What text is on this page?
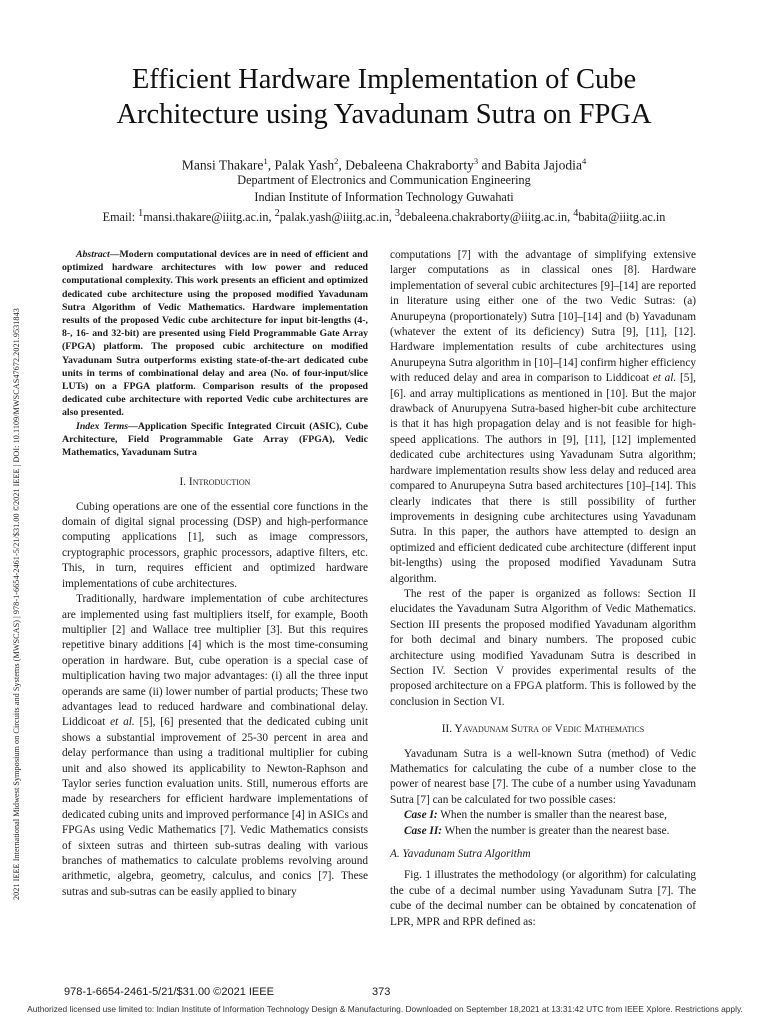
2021 IEEE International Midwest Symposium on Circuits and Systems (MWSCAS) | 978-1-6654-2461-5/21/$31.00 ©2021 IEEE | DOI: 10.1109/MWSCAS47672.2021.9531843
Efficient Hardware Implementation of Cube
Architecture using Yavadunam Sutra on FPGA
Mansi Thakare$^1$, Palak Yash$^2$, Debaleena Chakraborty$^3$ and Babita Jajodia$^4$
Department of Electronics and Communication Engineering
Indian Institute of Information Technology Guwahati
Email: $^1$mansi.thakare@iiitg.ac.in, $^2$palak.yash@iiitg.ac.in, $^3$debaleena.chakraborty@iiitg.ac.in, $^4$babita@iiitg.ac.in

Abstract—Modern computational devices are in need of efficient and optimized hardware architectures with low power and reduced computational complexity. This work presents an efficient and optimized dedicated cube architecture using the proposed modified Yavadunam Sutra Algorithm of Vedic Mathematics. Hardware implementation results of the proposed Vedic cube architecture for input bit-lengths (4-, 8-, 16- and 32-bit) are presented using Field Programmable Gate Array (FPGA) platform. The proposed cubic architecture on modified Yavadunam Sutra outperforms existing state-of-the-art dedicated cube units in terms of combinational delay and area (No. of four-input/slice LUTs) on a FPGA platform. Comparison results of the proposed dedicated cube architecture with reported Vedic cube architectures are also presented.

Index Terms—Application Specific Integrated Circuit (ASIC), Cube Architecture, Field Programmable Gate Array (FPGA), Vedic Mathematics, Yavadunam Sutra

I. Introduction

Cubing operations are one of the essential core functions in the domain of digital signal processing (DSP) and high-performance computing applications [1], such as image compressors, cryptographic processors, graphic processors, adaptive filters, etc. This, in turn, requires efficient and optimized hardware implementations of cube architectures.

Traditionally, hardware implementation of cube architectures are implemented using fast multipliers itself, for example, Booth multiplier [2] and Wallace tree multiplier [3]. But this requires repetitive binary additions [4] which is the most time-consuming operation in hardware. But, cube operation is a special case of multiplication having two major advantages: (i) all the three input operands are same (ii) lower number of partial products; These two advantages lead to reduced hardware and combinational delay. Liddicoat et al. [5], [6] presented that the dedicated cubing unit shows a substantial improvement of 25-30 percent in area and delay performance than using a traditional multiplier for cubing unit and also showed its applicability to Newton-Raphson and Taylor series function evaluation units. Still, numerous efforts are made by researchers for efficient hardware implementations of dedicated cubing units and improved performance [4] in ASICs and FPGAs using Vedic Mathematics [7]. Vedic Mathematics consists of sixteen sutras and thirteen sub-sutras dealing with various branches of mathematics to calculate problems revolving around arithmetic, algebra, geometry, calculus, and conics [7]. These sutras and sub-sutras can be easily applied to binary

computations [7] with the advantage of simplifying extensive larger computations as in classical ones [8]. Hardware implementation of several cubic architectures [9]–[14] are reported in literature using either one of the two Vedic Sutras: (a) Anurupeyna (proportionately) Sutra [10]–[14] and (b) Yavadunam (whatever the extent of its deficiency) Sutra [9], [11], [12]. Hardware implementation results of cube architectures using Anurupeyna Sutra algorithm in [10]–[14] confirm higher efficiency with reduced delay and area in comparison to Liddicoat et al. [5], [6]. and array multiplications as mentioned in [10]. But the major drawback of Anurupyena Sutra-based higher-bit cube architecture is that it has high propagation delay and is not feasible for high-speed applications. The authors in [9], [11], [12] implemented dedicated cube architectures using Yavadunam Sutra algorithm; hardware implementation results show less delay and reduced area compared to Anurupeyna Sutra based architectures [10]–[14]. This clearly indicates that there is still possibility of further improvements in designing cube architectures using Yavadunam Sutra. In this paper, the authors have attempted to design an optimized and efficient dedicated cube architecture (different input bit-lengths) using the proposed modified Yavadunam Sutra algorithm.

The rest of the paper is organized as follows: Section II elucidates the Yavadunam Sutra Algorithm of Vedic Mathematics. Section III presents the proposed modified Yavadunam algorithm for both decimal and binary numbers. The proposed cubic architecture using modified Yavadunam Sutra is described in Section IV. Section V provides experimental results of the proposed architecture on a FPGA platform. This is followed by the conclusion in Section VI.

II. Yavadunam Sutra of Vedic Mathematics

Yavadunam Sutra is a well-known Sutra (method) of Vedic Mathematics for calculating the cube of a number close to the power of nearest base [7]. The cube of a number using Yavadunam Sutra [7] can be calculated for two possible cases:

Case I: When the number is smaller than the nearest base,

Case II: When the number is greater than the nearest base.

A. Yavadunam Sutra Algorithm

Fig. 1 illustrates the methodology (or algorithm) for calculating the cube of a decimal number using Yavadunam Sutra [7]. The cube of the decimal number can be obtained by concatenation of LPR, MPR and RPR defined as:

978-1-6654-2461-5/21/$31.00 ©2021 IEEE	373
Authorized licensed use limited to: Indian Institute of Information Technology Design & Manufacturing. Downloaded on September 18,2021 at 13:31:42 UTC from IEEE Xplore. Restrictions apply.
